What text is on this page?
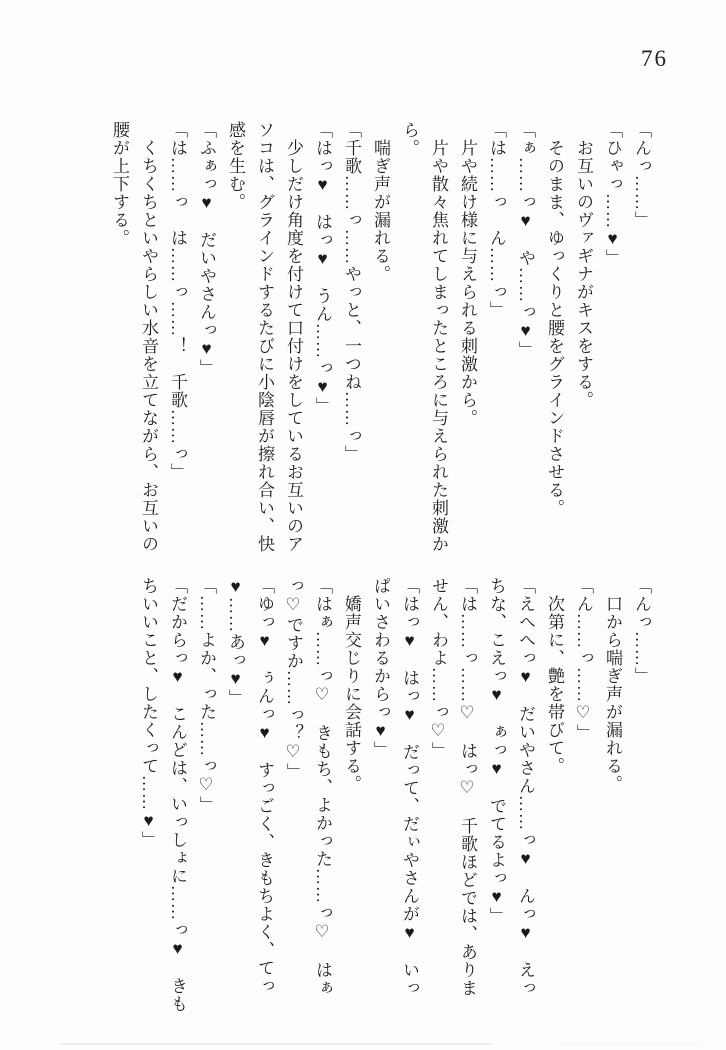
76

「んっ……」

「ひゃっ……♥」

お互いのヴァギナがキスをする。

そのまま、ゆっくりと腰をグラインドさせる。

「ぁ……っ♥　や……っ♥」

「は……っ　ん……っ」

片や続け様に与えられる刺激から。

片や散々焦れてしまったところに与えられた刺激から。

喘ぎ声が漏れる。

「千歌……っ……やっと、一つね……っ」

「はっ♥　はっ♥　うん……っ♥」

少しだけ角度を付けて口付けをしているお互いのアソコは、グラインドするたびに小陰唇が擦れ合い、快感を生む。

「ふぁっ♥　だいやさんっ♥」

「は……っ　は……っ……！　千歌……っ」

くちくちといやらしい水音を立てながら、お互いの腰が上下する。

「んっ……」

口から喘ぎ声が漏れる。

「ん……っ……♡」

次第に、艶を帯びて。

「えへへっ♥　だいやさん……っ♥　んっ♥　えっちな、こえっ♥　ぁっ♥　でてるよっ♥」

「は……っ……♡　はっ♡　千歌ほどでは、ありません、わよ……っ♡」

「はっ♥　はっ♥　だって、だぃやさんが♥　いっぱいさわるからっ♥」

嬌声交じりに会話する。

「はぁ……っ♡　きもち、よかった……っ♡　はぁっ♡ですか……っ？♡」

「ゆっ♥　ぅんっ♥　すっごく、きもちよく、てっ♥……あっ♥」

「……よか、った……っ♡」

「だからっ♥　こんどは、いっしょに……っ♥　きもちいいこと、したくって……♥」
